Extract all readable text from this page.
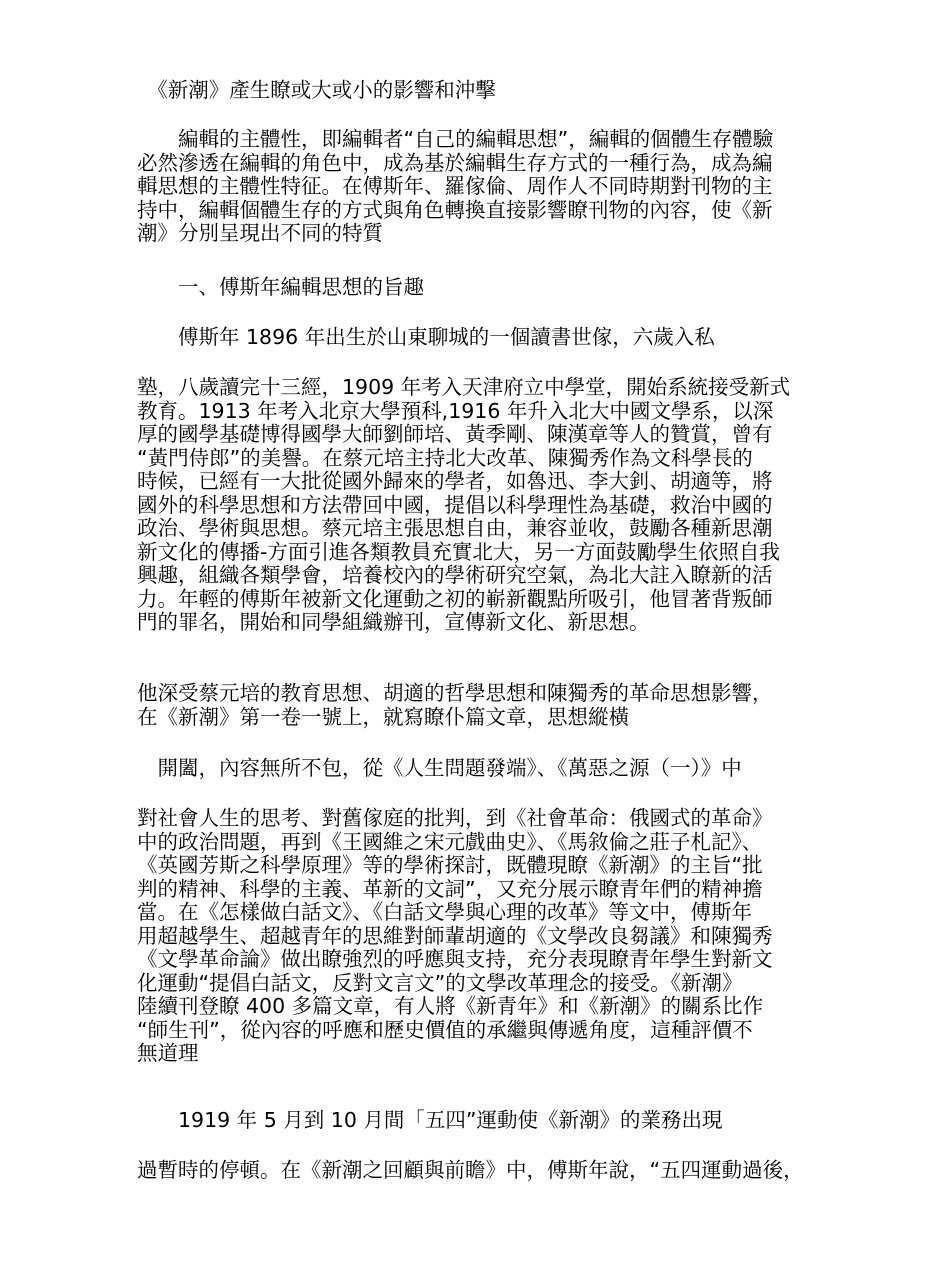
　《新潮》產生瞭或大或小的影響和沖擊

　　編輯的主體性，即編輯者“自己的編輯思想”，編輯的個體生存體驗
必然滲透在編輯的角色中，成為基於編輯生存方式的一種行為，成為編
輯思想的主體性特征。在傅斯年、羅傢倫、周作人不同時期對刊物的主
持中，編輯個體生存的方式與角色轉換直接影響瞭刊物的內容，使《新
潮》分別呈現出不同的特質

　　一、傅斯年編輯思想的旨趣

　　傅斯年 1896 年出生於山東聊城的一個讀書世傢，六歲入私

塾，八歲讀完十三經，1909 年考入天津府立中學堂，開始系統接受新式
教育。1913 年考入北京大學預科,1916 年升入北大中國文學系，以深
厚的國學基礎博得國學大師劉師培、黃季剛、陳漢章等人的贊賞，曾有
“黃門侍郎”的美譽。在蔡元培主持北大改革、陳獨秀作為文科學長的
時候，已經有一大批從國外歸來的學者，如魯迅、李大釗、胡適等，將
國外的科學思想和方法帶回中國，提倡以科學理性為基礎，救治中國的
政治、學術與思想。蔡元培主張思想自由，兼容並收，鼓勵各種新思潮
新文化的傳播-方面引進各類教員充實北大，另一方面鼓勵學生依照自我
興趣，組織各類學會，培養校內的學術研究空氣，為北大註入瞭新的活
力。年輕的傅斯年被新文化運動之初的嶄新觀點所吸引，他冒著背叛師
門的罪名，開始和同學組織辦刊，宣傳新文化、新思想。

他深受蔡元培的教育思想、胡適的哲學思想和陳獨秀的革命思想影響，
在《新潮》第一卷一號上，就寫瞭仆篇文章，思想縱橫

　開闔，內容無所不包，從《人生問題發端》、《萬惡之源（一）》中

對社會人生的思考、對舊傢庭的批判，到《社會革命：俄國式的革命》
中的政治問題，再到《王國維之宋元戲曲史》、《馬敘倫之莊子札記》、
《英國芳斯之科學原理》等的學術探討，既體現瞭《新潮》的主旨“批
判的精神、科學的主義、革新的文詞”，又充分展示瞭青年們的精神擔
當。在《怎樣做白話文》、《白話文學與心理的改革》等文中，傅斯年
用超越學生、超越青年的思維對師輩胡適的《文學改良芻議》和陳獨秀
《文學革命論》做出瞭強烈的呼應與支持，充分表現瞭青年學生對新文
化運動“提倡白話文，反對文言文”的文學改革理念的接受。《新潮》
陸續刊登瞭 400 多篇文章，有人將《新青年》和《新潮》的關系比作
“師生刊”，從內容的呼應和歷史價值的承繼與傳遞角度，這種評價不
無道理

　　1919 年 5 月到 10 月間「五四”運動使《新潮》的業務出現

過暫時的停頓。在《新潮之回顧與前瞻》中，傅斯年說，“五四運動過後，
